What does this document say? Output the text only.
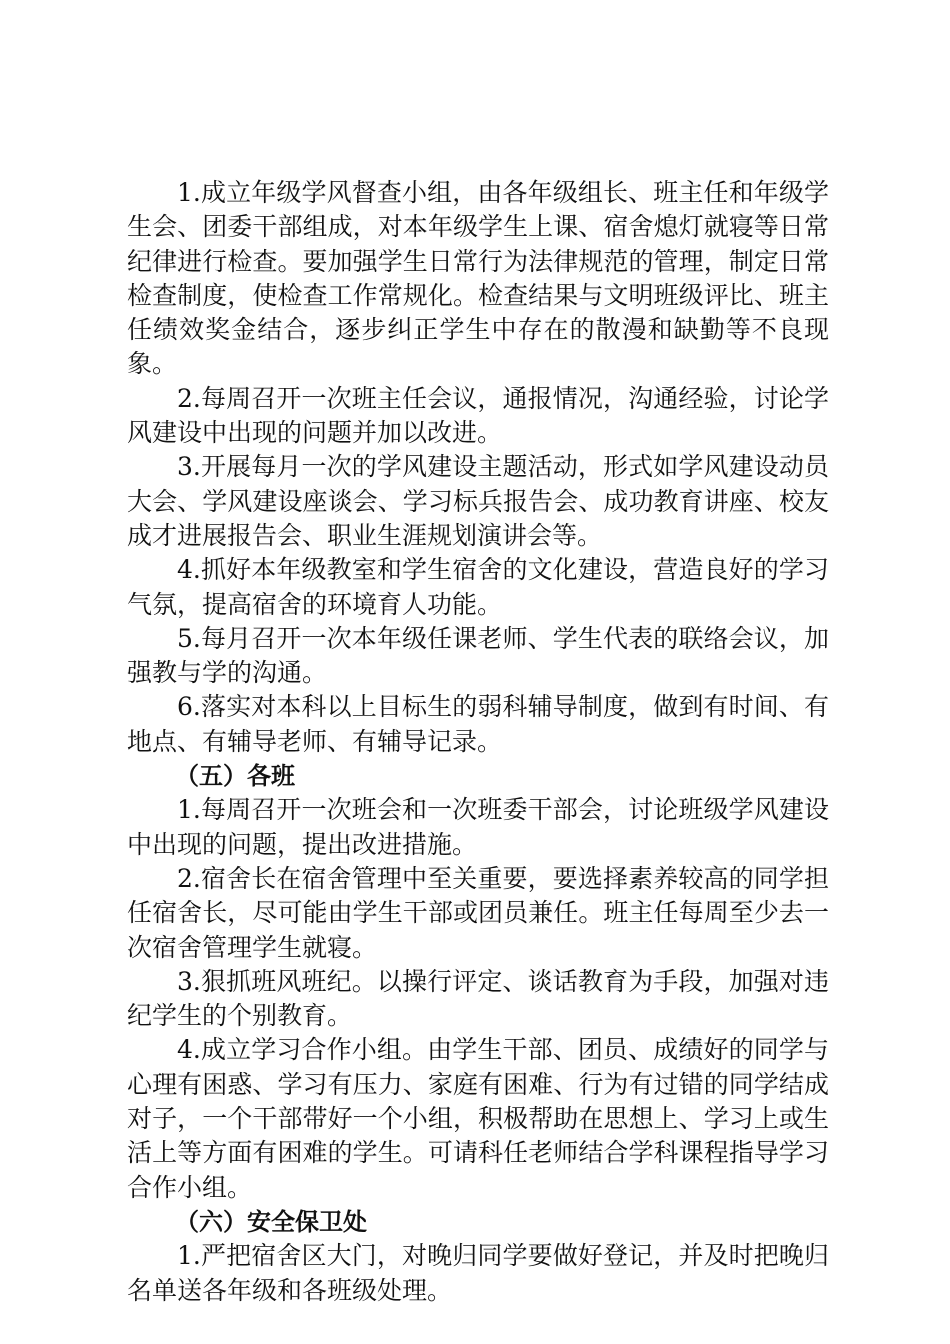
1.成立年级学风督查小组，由各年级组长、班主任和年级学生会、团委干部组成，对本年级学生上课、宿舍熄灯就寝等日常纪律进行检查。要加强学生日常行为法律规范的管理，制定日常检查制度，使检查工作常规化。检查结果与文明班级评比、班主任绩效奖金结合，逐步纠正学生中存在的散漫和缺勤等不良现象。

2.每周召开一次班主任会议，通报情况，沟通经验，讨论学风建设中出现的问题并加以改进。

3.开展每月一次的学风建设主题活动，形式如学风建设动员大会、学风建设座谈会、学习标兵报告会、成功教育讲座、校友成才进展报告会、职业生涯规划演讲会等。

4.抓好本年级教室和学生宿舍的文化建设，营造良好的学习气氛，提高宿舍的环境育人功能。

5.每月召开一次本年级任课老师、学生代表的联络会议，加强教与学的沟通。

6.落实对本科以上目标生的弱科辅导制度，做到有时间、有地点、有辅导老师、有辅导记录。

（五）各班

1.每周召开一次班会和一次班委干部会，讨论班级学风建设中出现的问题，提出改进措施。

2.宿舍长在宿舍管理中至关重要，要选择素养较高的同学担任宿舍长，尽可能由学生干部或团员兼任。班主任每周至少去一次宿舍管理学生就寝。

3.狠抓班风班纪。以操行评定、谈话教育为手段，加强对违纪学生的个别教育。

4.成立学习合作小组。由学生干部、团员、成绩好的同学与心理有困惑、学习有压力、家庭有困难、行为有过错的同学结成对子，一个干部带好一个小组，积极帮助在思想上、学习上或生活上等方面有困难的学生。可请科任老师结合学科课程指导学习合作小组。

（六）安全保卫处

1.严把宿舍区大门，对晚归同学要做好登记，并及时把晚归名单送各年级和各班级处理。
